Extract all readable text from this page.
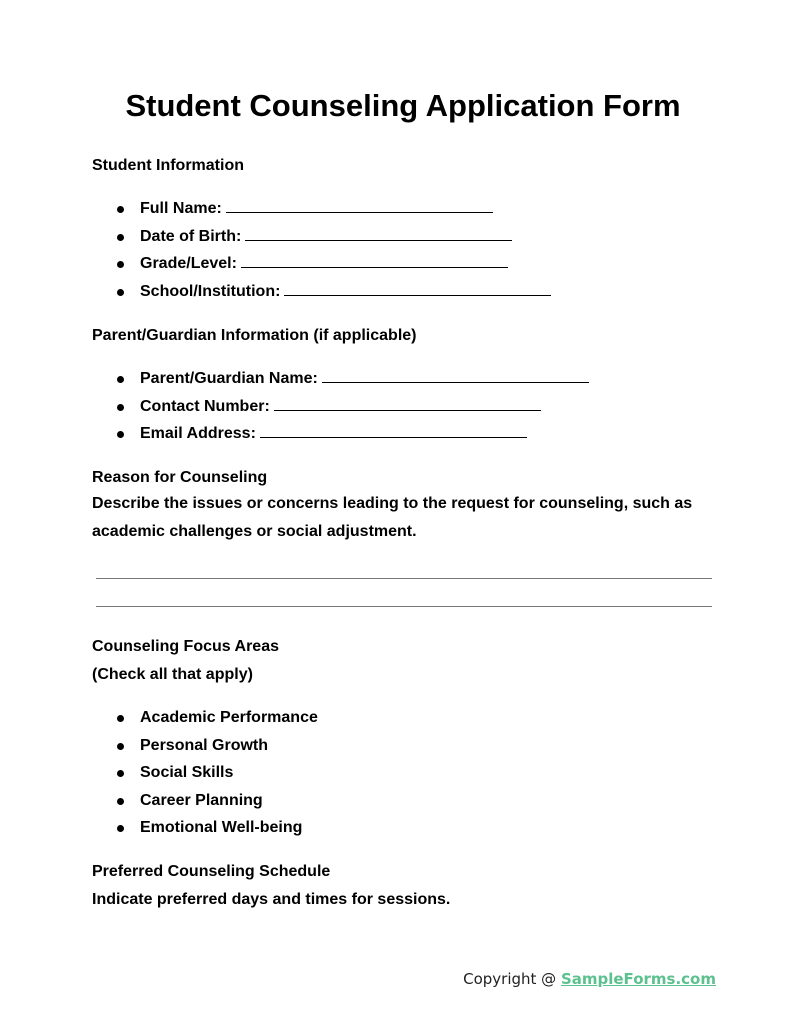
Student Counseling Application Form
Student Information
Full Name:
Date of Birth:
Grade/Level:
School/Institution:
Parent/Guardian Information (if applicable)
Parent/Guardian Name:
Contact Number:
Email Address:
Reason for Counseling
Describe the issues or concerns leading to the request for counseling, such as academic challenges or social adjustment.
Counseling Focus Areas
(Check all that apply)
Academic Performance
Personal Growth
Social Skills
Career Planning
Emotional Well-being
Preferred Counseling Schedule
Indicate preferred days and times for sessions.
Copyright @ SampleForms.com
